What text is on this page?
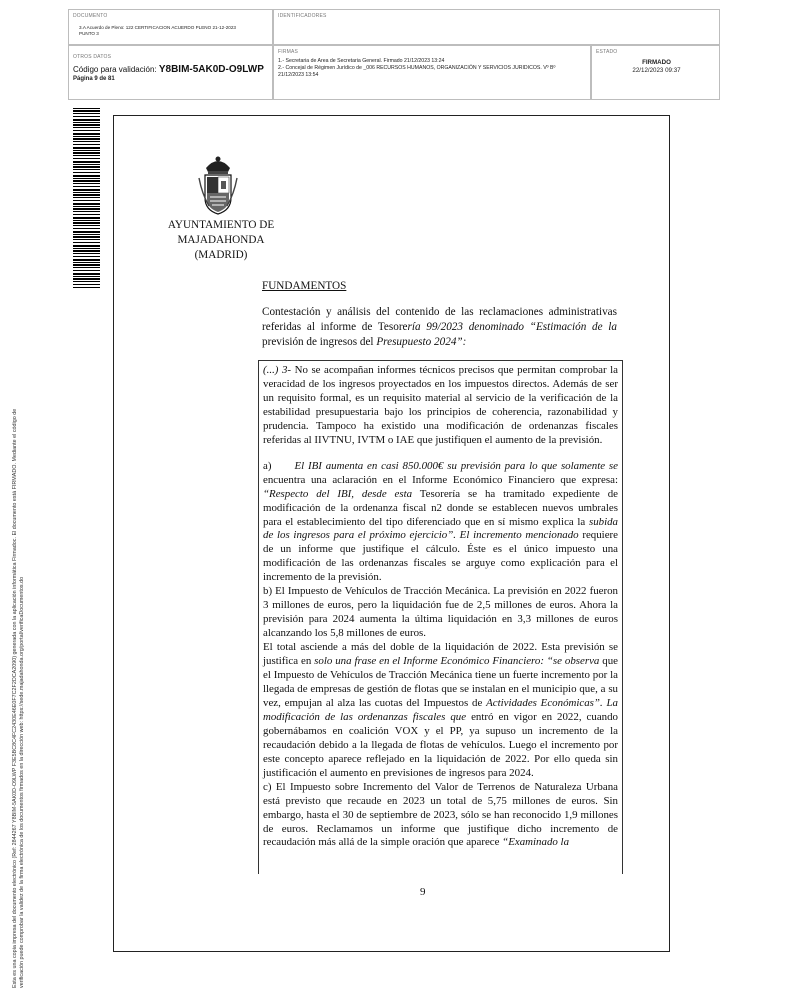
DOCUMENTO
3.A Acuerdo de Pleno: 122 CERTIFICACION ACUERDO PLENO 21-12-2023
PUNTO 3
IDENTIFICADORES
OTROS DATOS
Código para validación: Y8BIM-5AK0D-O9LWP
Página 9 de 81
FIRMAS
1.- Secretaria de Area de Secretaria General. Firmado 21/12/2023 13:24
2.- Concejal de Régimen Jurídico de _006 RECURSOS HUMANOS, ORGANIZACIÓN Y SERVICIOS JURIDICOS. Vº Bº
21/12/2023 13:54
ESTADO
FIRMADO
22/12/2023 09:37
Esta es una copia impresa del documento electrónico (Ref: 2844267 Y8BIM-5AK0D-O9LWP F3E5BC8C4FC2430E46E0F7C2F2DCA2090) generada con la aplicación informática Firmadoc. El documento está FIRMADO. Mediante el código de verificación puede comprobar la validez de la firma electrónica de los documentos firmados en la dirección web: https://sede.majadahonda.org/portal/verificaDocumentos.do
AYUNTAMIENTO DE
MAJADAHONDA
(MADRID)
FUNDAMENTOS
Contestación y análisis del contenido de las reclamaciones administrativas referidas al informe de Tesorería 99/2023 denominado “Estimación de la previsión de ingresos del Presupuesto 2024”:

(...) 3- No se acompañan informes técnicos precisos que permitan comprobar la veracidad de los ingresos proyectados en los impuestos directos. Además de ser un requisito formal, es un requisito material al servicio de la verificación de la estabilidad presupuestaria bajo los principios de coherencia, razonabilidad y prudencia. Tampoco ha existido una modificación de ordenanzas fiscales referidas al IIVTNU, IVTM o IAE que justifiquen el aumento de la previsión.

a) El IBI aumenta en casi 850.000€ su previsión para lo que solamente se encuentra una aclaración en el Informe Económico Financiero que expresa: “Respecto del IBI, desde esta Tesorería se ha tramitado expediente de modificación de la ordenanza fiscal n2 donde se establecen nuevos umbrales para el establecimiento del tipo diferenciado que en sí mismo explica la subida de los ingresos para el próximo ejercicio”. El incremento mencionado requiere de un informe que justifique el cálculo. Éste es el único impuesto una modificación de las ordenanzas fiscales se arguye como explicación para el incremento de la previsión.

b) El Impuesto de Vehículos de Tracción Mecánica. La previsión en 2022 fueron 3 millones de euros, pero la liquidación fue de 2,5 millones de euros. Ahora la previsión para 2024 aumenta la última liquidación en 3,3 millones de euros alcanzando los 5,8 millones de euros.

El total asciende a más del doble de la liquidación de 2022. Esta previsión se justifica en solo una frase en el Informe Económico Financiero: “se observa que el Impuesto de Vehículos de Tracción Mecánica tiene un fuerte incremento por la llegada de empresas de gestión de flotas que se instalan en el municipio que, a su vez, empujan al alza las cuotas del Impuestos de Actividades Económicas”. La modificación de las ordenanzas fiscales que entró en vigor en 2022, cuando gobernábamos en coalición VOX y el PP, ya supuso un incremento de la recaudación debido a la llegada de flotas de vehículos. Luego el incremento por este concepto aparece reflejado en la liquidación de 2022. Por ello queda sin justificación el aumento en previsiones de ingresos para 2024.

c) El Impuesto sobre Incremento del Valor de Terrenos de Naturaleza Urbana está previsto que recaude en 2023 un total de 5,75 millones de euros. Sin embargo, hasta el 30 de septiembre de 2023, sólo se han reconocido 1,9 millones de euros. Reclamamos un informe que justifique dicho incremento de recaudación más allá de la simple oración que aparece “Examinado la

9
